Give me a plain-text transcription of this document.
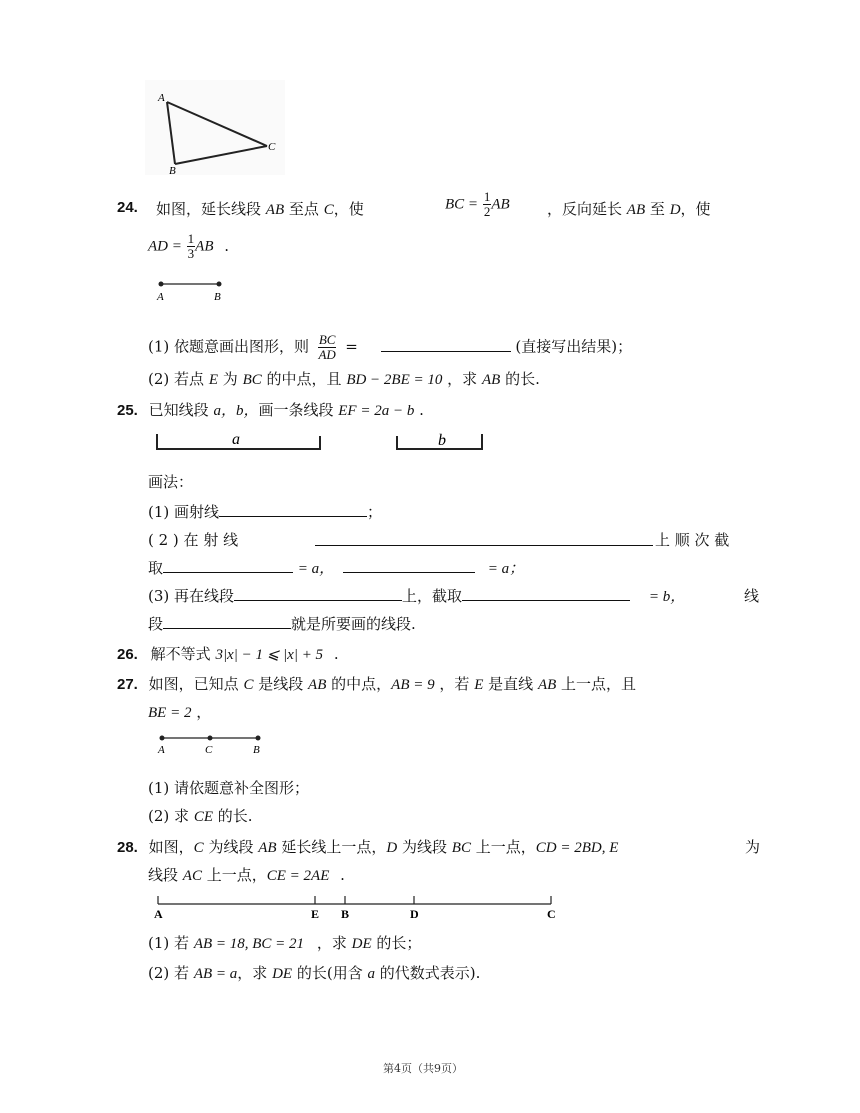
A
B
C
24. 如图，延长线段 AB 至点 C，使	BC = $\frac{1}{2}$ AB ，反向延长 AB 至 D，使
AD = $\frac{1}{3}$ AB .
A	B
(1) 依题意画出图形，则 $\frac{BC}{AD}$ =	(直接写出结果)；
(2) 若点 E 为 BC 的中点，且 BD − 2BE = 10 ，求 AB 的长.
25. 已知线段 a，b，画一条线段 EF = 2a − b .
a	b
画法：
(1) 画射线	；
( 2 ) 在 射 线	上 顺 次 截
取	= a，	= a；
(3) 再在线段	上，截取	= b，	线
段	就是所要画的线段.
26. 解不等式 3|x| − 1 ⩽ |x| + 5 .
27. 如图，已知点 C 是线段 AB 的中点，AB = 9 ，若 E 是直线 AB 上一点，且
BE = 2 ，
A	C	B
(1) 请依题意补全图形；
(2) 求 CE 的长.
28. 如图，C 为线段 AB 延长线上一点，D 为线段 BC 上一点，CD = 2BD, E	为
线段 AC 上一点，CE = 2AE .
A	E B	D	C
(1) 若 AB = 18, BC = 21 ，求 DE 的长；
(2) 若 AB = a，求 DE 的长(用含 a 的代数式表示).
第4页（共9页）
